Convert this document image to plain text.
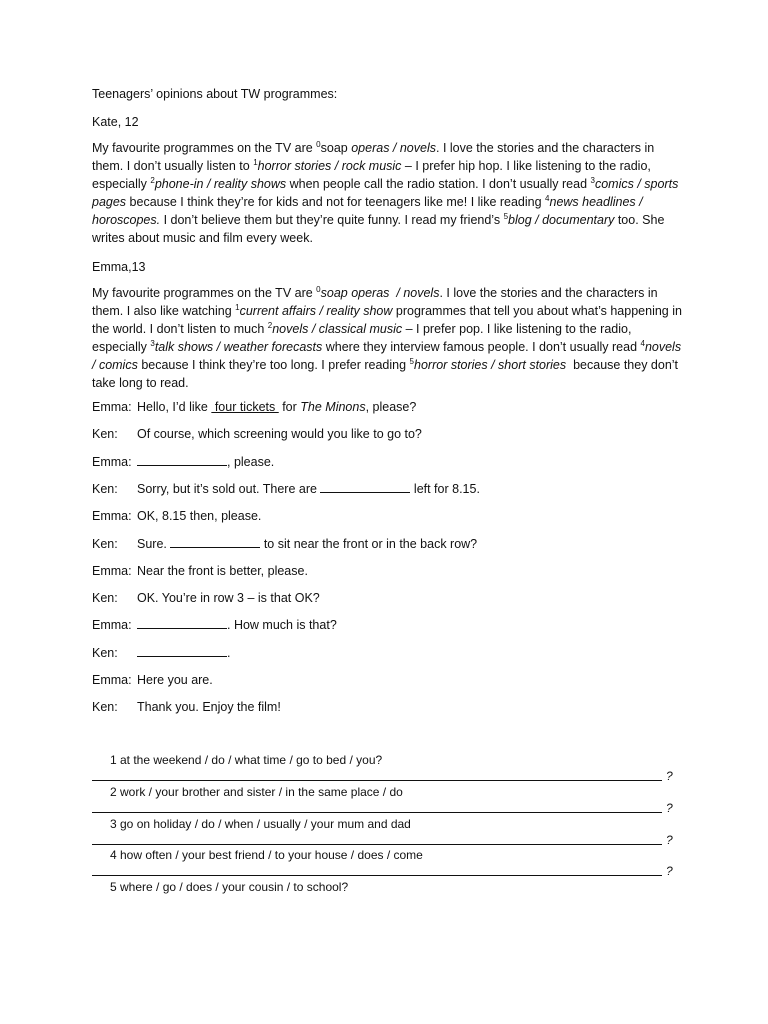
Teenagers’ opinions about TW programmes:
Kate, 12
My favourite programmes on the TV are $^0$soap operas / novels. I love the stories and the characters in them. I don’t usually listen to $^1$horror stories / rock music – I prefer hip hop. I like listening to the radio, especially $^2$phone-in / reality shows when people call the radio station. I don’t usually read $^3$comics / sports pages because I think they’re for kids and not for teenagers like me! I like reading $^4$news headlines / horoscopes. I don’t believe them but they’re quite funny. I read my friend’s $^5$blog / documentary too. She writes about music and film every week.
Emma,13
My favourite programmes on the TV are $^0$soap operas  / novels. I love the stories and the characters in them. I also like watching $^1$current affairs / reality show programmes that tell you about what’s happening in the world. I don’t listen to much $^2$novels / classical music – I prefer pop. I like listening to the radio, especially $^3$talk shows / weather forecasts where they interview famous people. I don’t usually read $^4$novels / comics because I think they’re too long. I prefer reading $^5$horror stories / short stories  because they don’t take long to read.
Emma: Hello, I’d like  four tickets  for The Minons, please?
Ken: Of course, which screening would you like to go to?
Emma:	, please.
Ken: Sorry, but it’s sold out. There are	left for 8.15.
Emma: OK, 8.15 then, please.
Ken: Sure.	to sit near the front or in the back row?
Emma: Near the front is better, please.
Ken: OK. You’re in row 3 – is that OK?
Emma:	. How much is that?
Ken:	.
Emma: Here you are.
Ken: Thank you. Enjoy the film!
1 at the weekend / do / what time / go to bed / you?
?
2 work / your brother and sister / in the same place / do
?
3 go on holiday / do / when / usually / your mum and dad
?
4 how often / your best friend / to your house / does / come
?
5 where / go / does / your cousin / to school?
